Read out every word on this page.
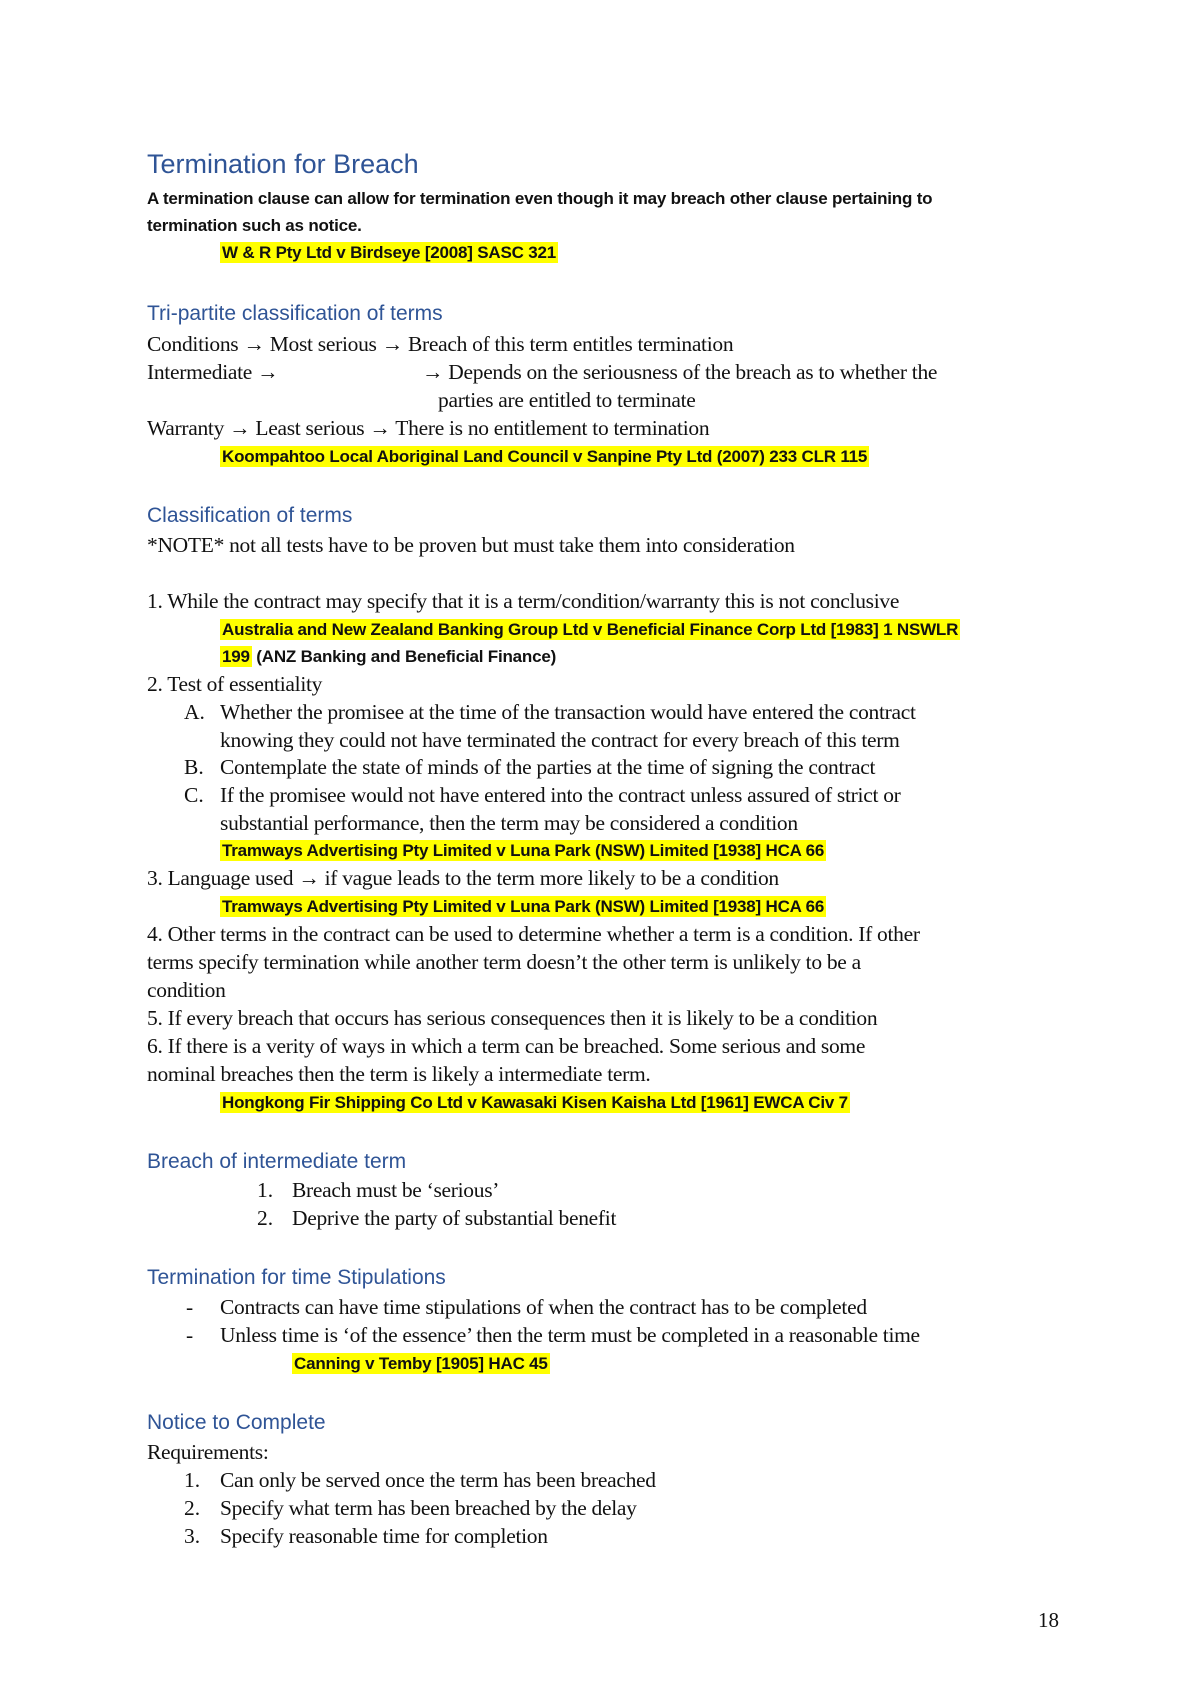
Termination for Breach
A termination clause can allow for termination even though it may breach other clause pertaining to
termination such as notice.
W & R Pty Ltd v Birdseye [2008] SASC 321
Tri-partite classification of terms
Conditions → Most serious → Breach of this term entitles termination
Intermediate →	→ Depends on the seriousness of the breach as to whether the
parties are entitled to terminate
Warranty → Least serious → There is no entitlement to termination
Koompahtoo Local Aboriginal Land Council v Sanpine Pty Ltd (2007) 233 CLR 115
Classification of terms
*NOTE* not all tests have to be proven but must take them into consideration
1. While the contract may specify that it is a term/condition/warranty this is not conclusive
Australia and New Zealand Banking Group Ltd v Beneficial Finance Corp Ltd [1983] 1 NSWLR
199 (ANZ Banking and Beneficial Finance)
2. Test of essentiality
A. Whether the promisee at the time of the transaction would have entered the contract
knowing they could not have terminated the contract for every breach of this term
B. Contemplate the state of minds of the parties at the time of signing the contract
C. If the promisee would not have entered into the contract unless assured of strict or
substantial performance, then the term may be considered a condition
Tramways Advertising Pty Limited v Luna Park (NSW) Limited [1938] HCA 66
3. Language used → if vague leads to the term more likely to be a condition
Tramways Advertising Pty Limited v Luna Park (NSW) Limited [1938] HCA 66
4. Other terms in the contract can be used to determine whether a term is a condition. If other
terms specify termination while another term doesn’t the other term is unlikely to be a
condition
5. If every breach that occurs has serious consequences then it is likely to be a condition
6. If there is a verity of ways in which a term can be breached. Some serious and some
nominal breaches then the term is likely a intermediate term.
Hongkong Fir Shipping Co Ltd v Kawasaki Kisen Kaisha Ltd [1961] EWCA Civ 7
Breach of intermediate term
1. Breach must be ‘serious’
2. Deprive the party of substantial benefit
Termination for time Stipulations
- Contracts can have time stipulations of when the contract has to be completed
- Unless time is ‘of the essence’ then the term must be completed in a reasonable time
Canning v Temby [1905] HAC 45
Notice to Complete
Requirements:
1. Can only be served once the term has been breached
2. Specify what term has been breached by the delay
3. Specify reasonable time for completion
18
